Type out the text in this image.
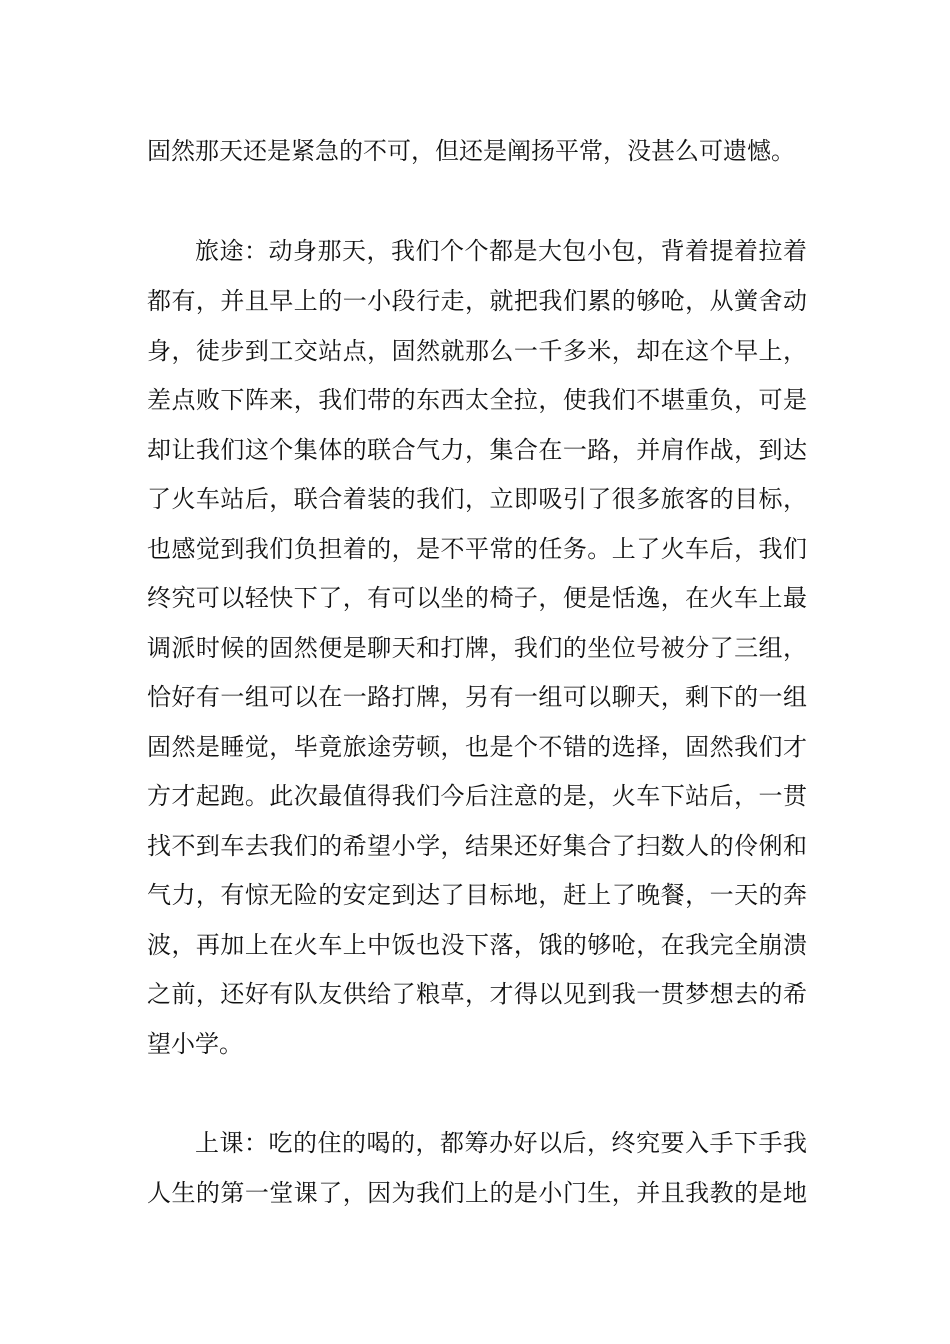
固然那天还是紧急的不可，但还是阐扬平常，没甚么可遗憾。
旅途：动身那天，我们个个都是大包小包，背着提着拉着
都有，并且早上的一小段行走，就把我们累的够呛，从黉舍动
身，徒步到工交站点，固然就那么一千多米，却在这个早上，
差点败下阵来，我们带的东西太全拉，使我们不堪重负，可是
却让我们这个集体的联合气力，集合在一路，并肩作战，到达
了火车站后，联合着装的我们，立即吸引了很多旅客的目标，
也感觉到我们负担着的，是不平常的任务。上了火车后，我们
终究可以轻快下了，有可以坐的椅子，便是恬逸，在火车上最
调派时候的固然便是聊天和打牌，我们的坐位号被分了三组，
恰好有一组可以在一路打牌，另有一组可以聊天，剩下的一组
固然是睡觉，毕竟旅途劳顿，也是个不错的选择，固然我们才
方才起跑。此次最值得我们今后注意的是，火车下站后，一贯
找不到车去我们的希望小学，结果还好集合了扫数人的伶俐和
气力，有惊无险的安定到达了目标地，赶上了晚餐，一天的奔
波，再加上在火车上中饭也没下落，饿的够呛，在我完全崩溃
之前，还好有队友供给了粮草，才得以见到我一贯梦想去的希
望小学。
上课：吃的住的喝的，都筹办好以后，终究要入手下手我
人生的第一堂课了，因为我们上的是小门生，并且我教的是地
